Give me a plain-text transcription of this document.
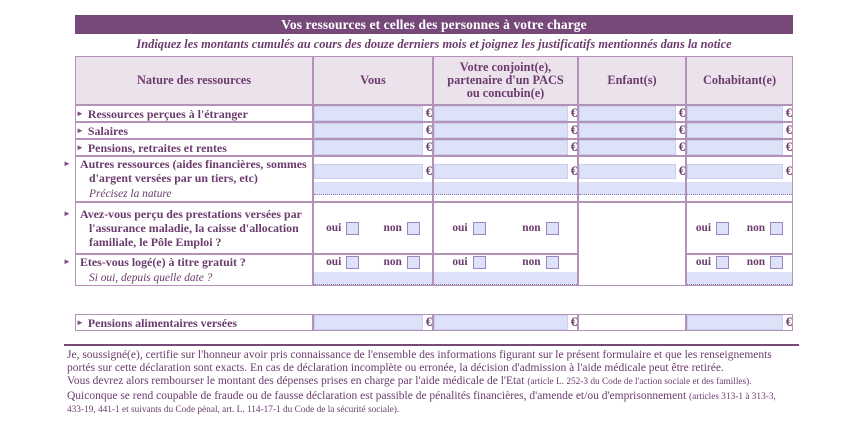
Vos ressources et celles des personnes à votre charge
Indiquez les montants cumulés au cours des douze derniers mois et joignez les justificatifs mentionnés dans la notice
Nature des ressources	Vous	Votre conjoint(e),
partenaire d'un PACS
ou concubin(e)	Enfant(s)	Cohabitant(e)
► Ressources perçues à l'étranger	€	€	€	€

► Salaires	€	€	€	€

► Pensions, retraites et rentes	€	€	€	€

► Autres ressources (aides financières, sommes d'argent versées par un tiers, etc)
Précisez la nature	€	€	€	€

► Avez-vous perçu des prestations versées par l'assurance maladie, la caisse d'allocation familiale, le Pôle Emploi ?	oui non	oui non		oui non

► Etes-vous logé(e) à titre gratuit ?
Si oui, depuis quelle date ?	oui non	oui non		oui non
► Pensions alimentaires versées	€	€		€

Je, soussigné(e), certifie sur l'honneur avoir pris connaissance de l'ensemble des informations figurant sur le présent formulaire et que les renseignements

portés sur cette déclaration sont exacts. En cas de déclaration incomplète ou erronée, la décision d'admission à l'aide médicale peut être retirée.

Vous devrez alors rembourser le montant des dépenses prises en charge par l'aide médicale de l'Etat (article L. 252-3 du Code de l'action sociale et des familles).

Quiconque se rend coupable de fraude ou de fausse déclaration est passible de pénalités financières, d'amende et/ou d'emprisonnement (articles 313-1 à 313-3,

433-19, 441-1 et suivants du Code pénal, art. L. 114-17-1 du Code de la sécurité sociale).
